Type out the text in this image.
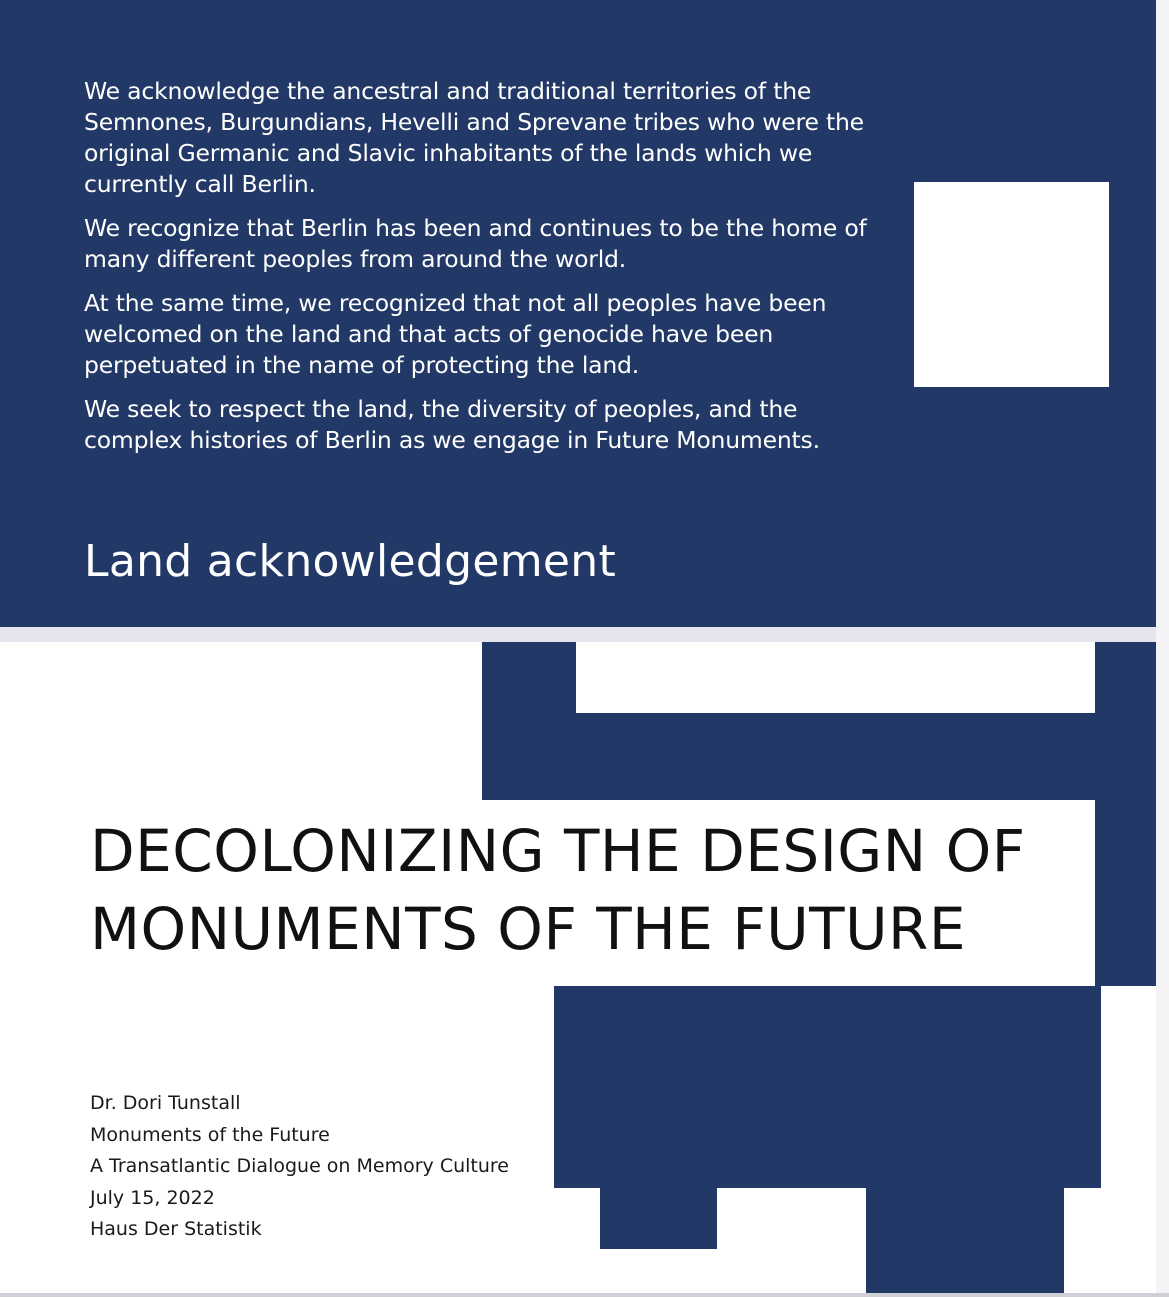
We acknowledge the ancestral and traditional territories of the Semnones, Burgundians, Hevelli and Sprevane tribes who were the original Germanic and Slavic inhabitants of the lands which we currently call Berlin.

We recognize that Berlin has been and continues to be the home of many different peoples from around the world.

At the same time, we recognized that not all peoples have been welcomed on the land and that acts of genocide have been perpetuated in the name of protecting the land.

We seek to respect the land, the diversity of peoples, and the complex histories of Berlin as we engage in Future Monuments.

Land acknowledgement
DECOLONIZING THE DESIGN OF
MONUMENTS OF THE FUTURE
Dr. Dori Tunstall
Monuments of the Future
A Transatlantic Dialogue on Memory Culture
July 15, 2022
Haus Der Statistik
